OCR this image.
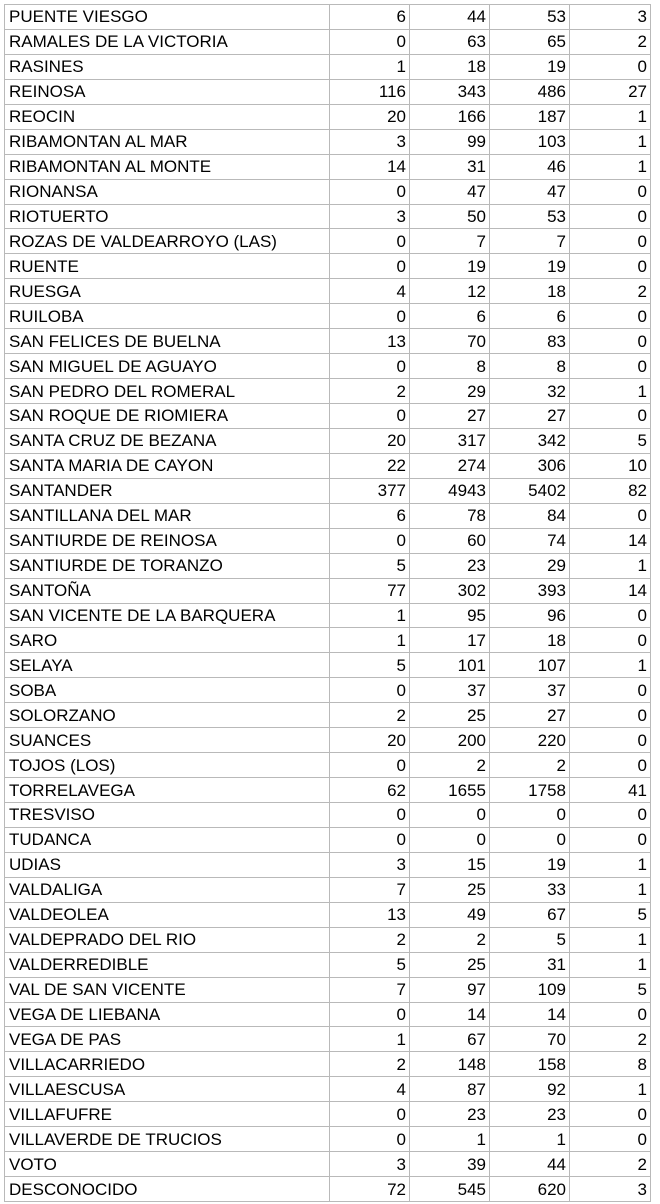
PUENTE VIESGO	6	44	53	3
RAMALES DE LA VICTORIA	0	63	65	2
RASINES	1	18	19	0
REINOSA	116	343	486	27
REOCIN	20	166	187	1
RIBAMONTAN AL MAR	3	99	103	1
RIBAMONTAN AL MONTE	14	31	46	1
RIONANSA	0	47	47	0
RIOTUERTO	3	50	53	0
ROZAS DE VALDEARROYO (LAS)	0	7	7	0
RUENTE	0	19	19	0
RUESGA	4	12	18	2
RUILOBA	0	6	6	0
SAN FELICES DE BUELNA	13	70	83	0
SAN MIGUEL DE AGUAYO	0	8	8	0
SAN PEDRO DEL ROMERAL	2	29	32	1
SAN ROQUE DE RIOMIERA	0	27	27	0
SANTA CRUZ DE BEZANA	20	317	342	5
SANTA MARIA DE CAYON	22	274	306	10
SANTANDER	377	4943	5402	82
SANTILLANA DEL MAR	6	78	84	0
SANTIURDE DE REINOSA	0	60	74	14
SANTIURDE DE TORANZO	5	23	29	1
SANTOÑA	77	302	393	14
SAN VICENTE DE LA BARQUERA	1	95	96	0
SARO	1	17	18	0
SELAYA	5	101	107	1
SOBA	0	37	37	0
SOLORZANO	2	25	27	0
SUANCES	20	200	220	0
TOJOS (LOS)	0	2	2	0
TORRELAVEGA	62	1655	1758	41
TRESVISO	0	0	0	0
TUDANCA	0	0	0	0
UDIAS	3	15	19	1
VALDALIGA	7	25	33	1
VALDEOLEA	13	49	67	5
VALDEPRADO DEL RIO	2	2	5	1
VALDERREDIBLE	5	25	31	1
VAL DE SAN VICENTE	7	97	109	5
VEGA DE LIEBANA	0	14	14	0
VEGA DE PAS	1	67	70	2
VILLACARRIEDO	2	148	158	8
VILLAESCUSA	4	87	92	1
VILLAFUFRE	0	23	23	0
VILLAVERDE DE TRUCIOS	0	1	1	0
VOTO	3	39	44	2
DESCONOCIDO	72	545	620	3
